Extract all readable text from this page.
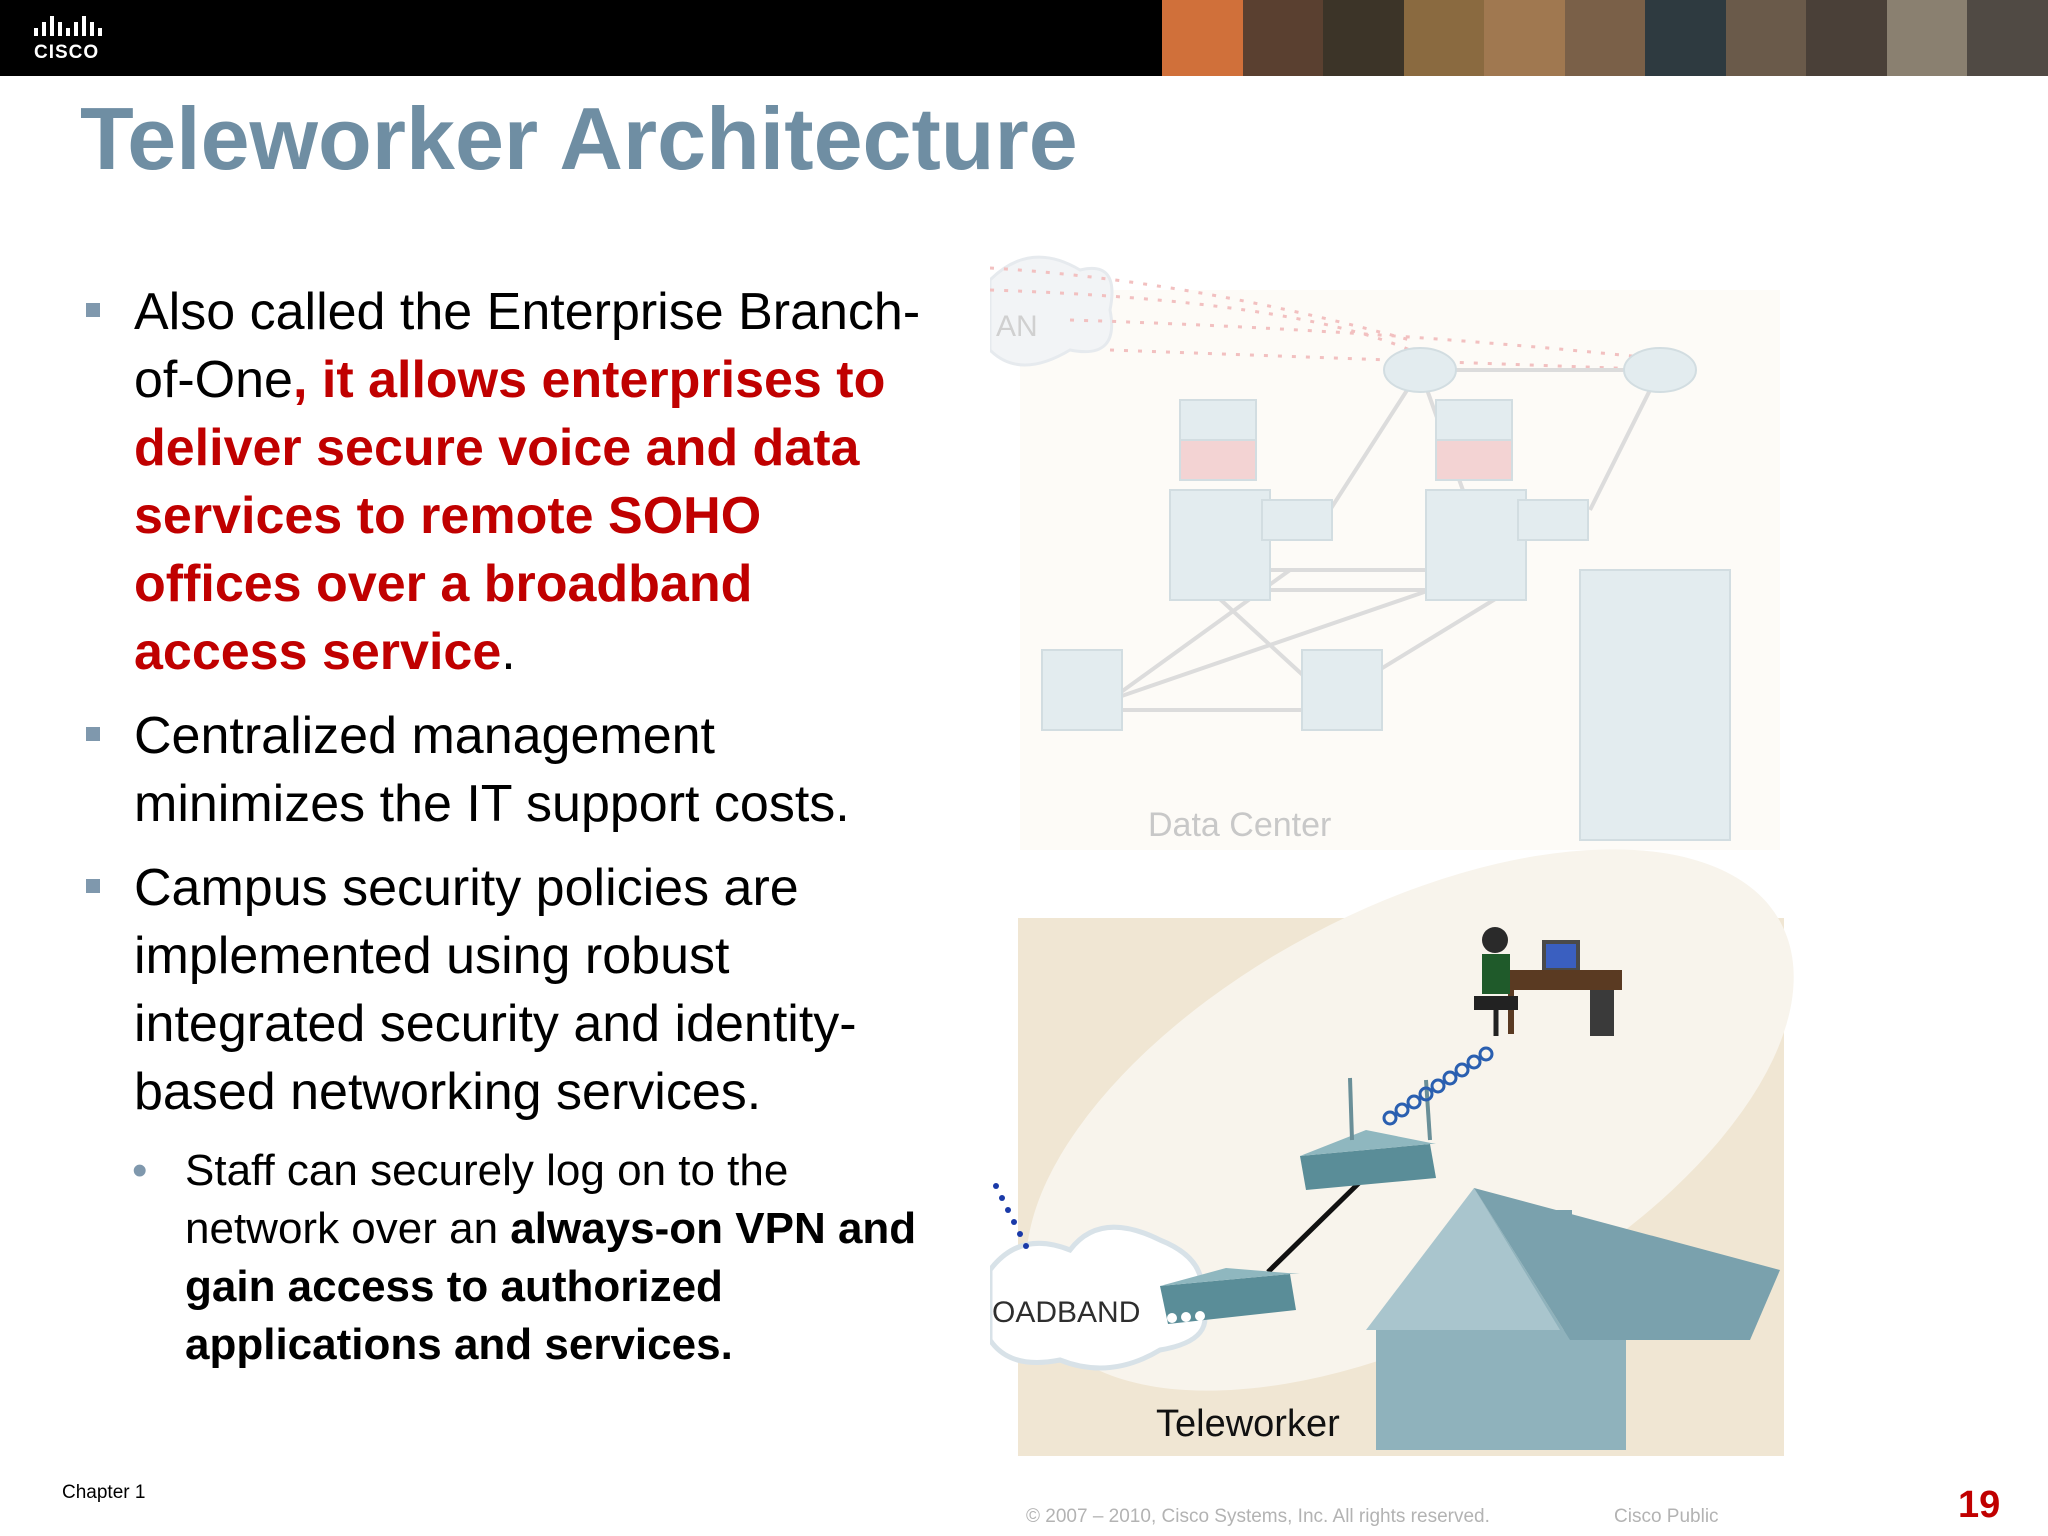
CISCO
Teleworker Architecture
Also called the Enterprise Branch-of-One, it allows enterprises to deliver secure voice and data services to remote SOHO offices over a broadband access service.
Centralized management minimizes the IT support costs.
Campus security policies are implemented using robust integrated security and identity-based networking services.
• Staff can securely log on to the network over an always-on VPN and gain access to authorized applications and services.
AN
Data Center
OADBAND
Teleworker
Chapter 1
© 2007 – 2010, Cisco Systems, Inc. All rights reserved.	Cisco Public	19
